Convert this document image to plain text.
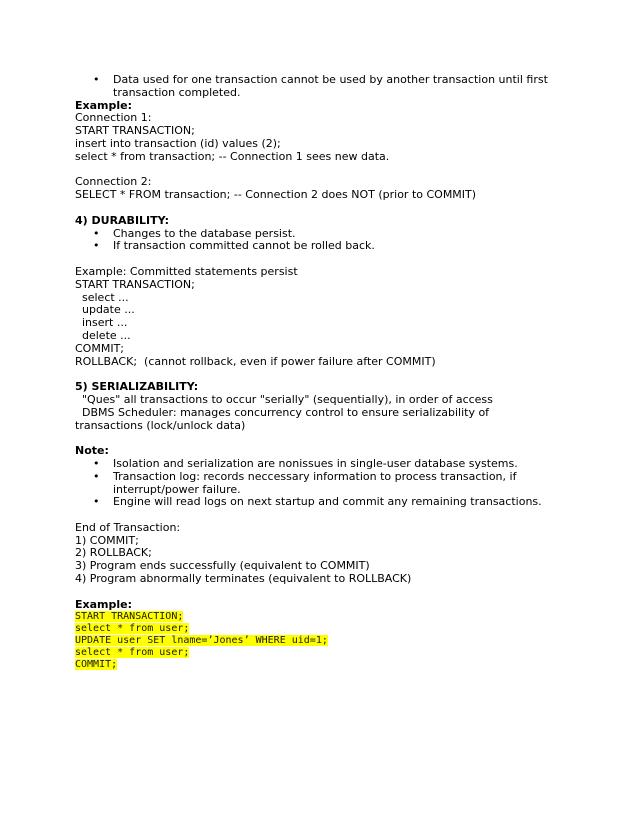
• Data used for one transaction cannot be used by another transaction until first transaction completed.
Example:
Connection 1:
START TRANSACTION;
insert into transaction (id) values (2);
select * from transaction; -- Connection 1 sees new data.
Connection 2:
SELECT * FROM transaction; -- Connection 2 does NOT (prior to COMMIT)
4) DURABILITY:
• Changes to the database persist.
• If transaction committed cannot be rolled back.
Example: Committed statements persist
START TRANSACTION;
select ...
update ...
insert ...
delete ...
COMMIT;
ROLLBACK;  (cannot rollback, even if power failure after COMMIT)
5) SERIALIZABILITY:
"Ques" all transactions to occur "serially" (sequentially), in order of access
DBMS Scheduler: manages concurrency control to ensure serializability of transactions (lock/unlock data)
Note:
• Isolation and serialization are nonissues in single-user database systems.
• Transaction log: records neccessary information to process transaction, if interrupt/power failure.
• Engine will read logs on next startup and commit any remaining transactions.
End of Transaction:
1) COMMIT;
2) ROLLBACK;
3) Program ends successfully (equivalent to COMMIT)
4) Program abnormally terminates (equivalent to ROLLBACK)
Example:
START TRANSACTION;
select * from user;
UPDATE user SET lname=’Jones’ WHERE uid=1;
select * from user;
COMMIT;
